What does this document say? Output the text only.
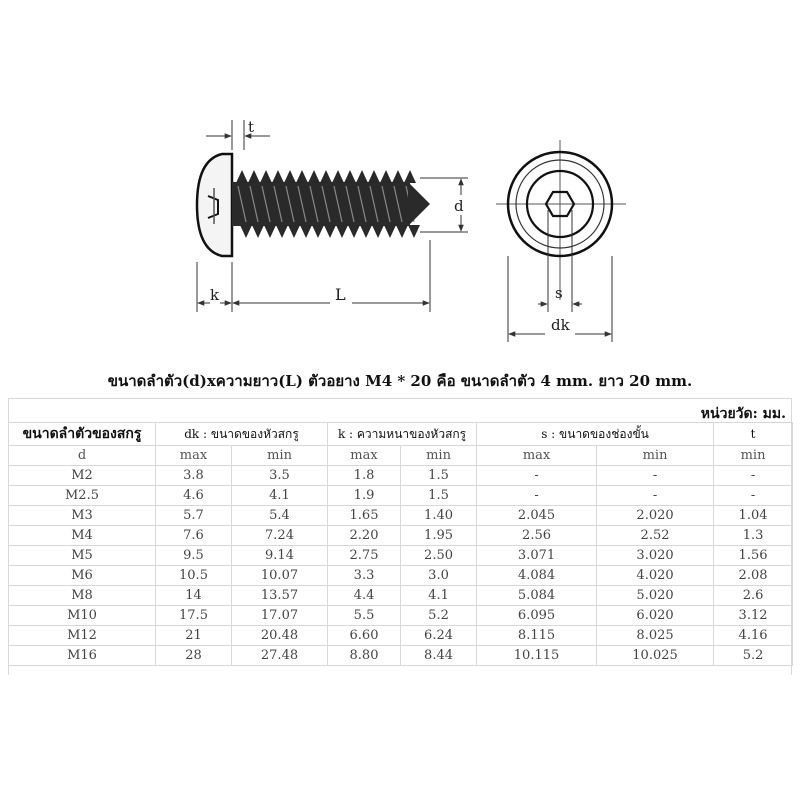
t
d
k	L	s
dk
ขนาดลำตัว(d)xความยาว(L) ตัวอยาง M4 * 20 คือ ขนาดลำตัว 4 mm. ยาว 20 mm.
หน่วยวัด: มม.
ขนาดลำตัวของสกรู	dk : ขนาดของหัวสกรู		k : ความหนาของหัวสกรู		s : ขนาดของช่องขั้น		t
d	max	min	max	min	max	min	min
M2	3.8	3.5	1.8	1.5	-	-	-
M2.5	4.6	4.1	1.9	1.5	-	-	-
M3	5.7	5.4	1.65	1.40	2.045	2.020	1.04
M4	7.6	7.24	2.20	1.95	2.56	2.52	1.3
M5	9.5	9.14	2.75	2.50	3.071	3.020	1.56
M6	10.5	10.07	3.3	3.0	4.084	4.020	2.08
M8	14	13.57	4.4	4.1	5.084	5.020	2.6
M10	17.5	17.07	5.5	5.2	6.095	6.020	3.12
M12	21	20.48	6.60	6.24	8.115	8.025	4.16
M16	28	27.48	8.80	8.44	10.115	10.025	5.2
